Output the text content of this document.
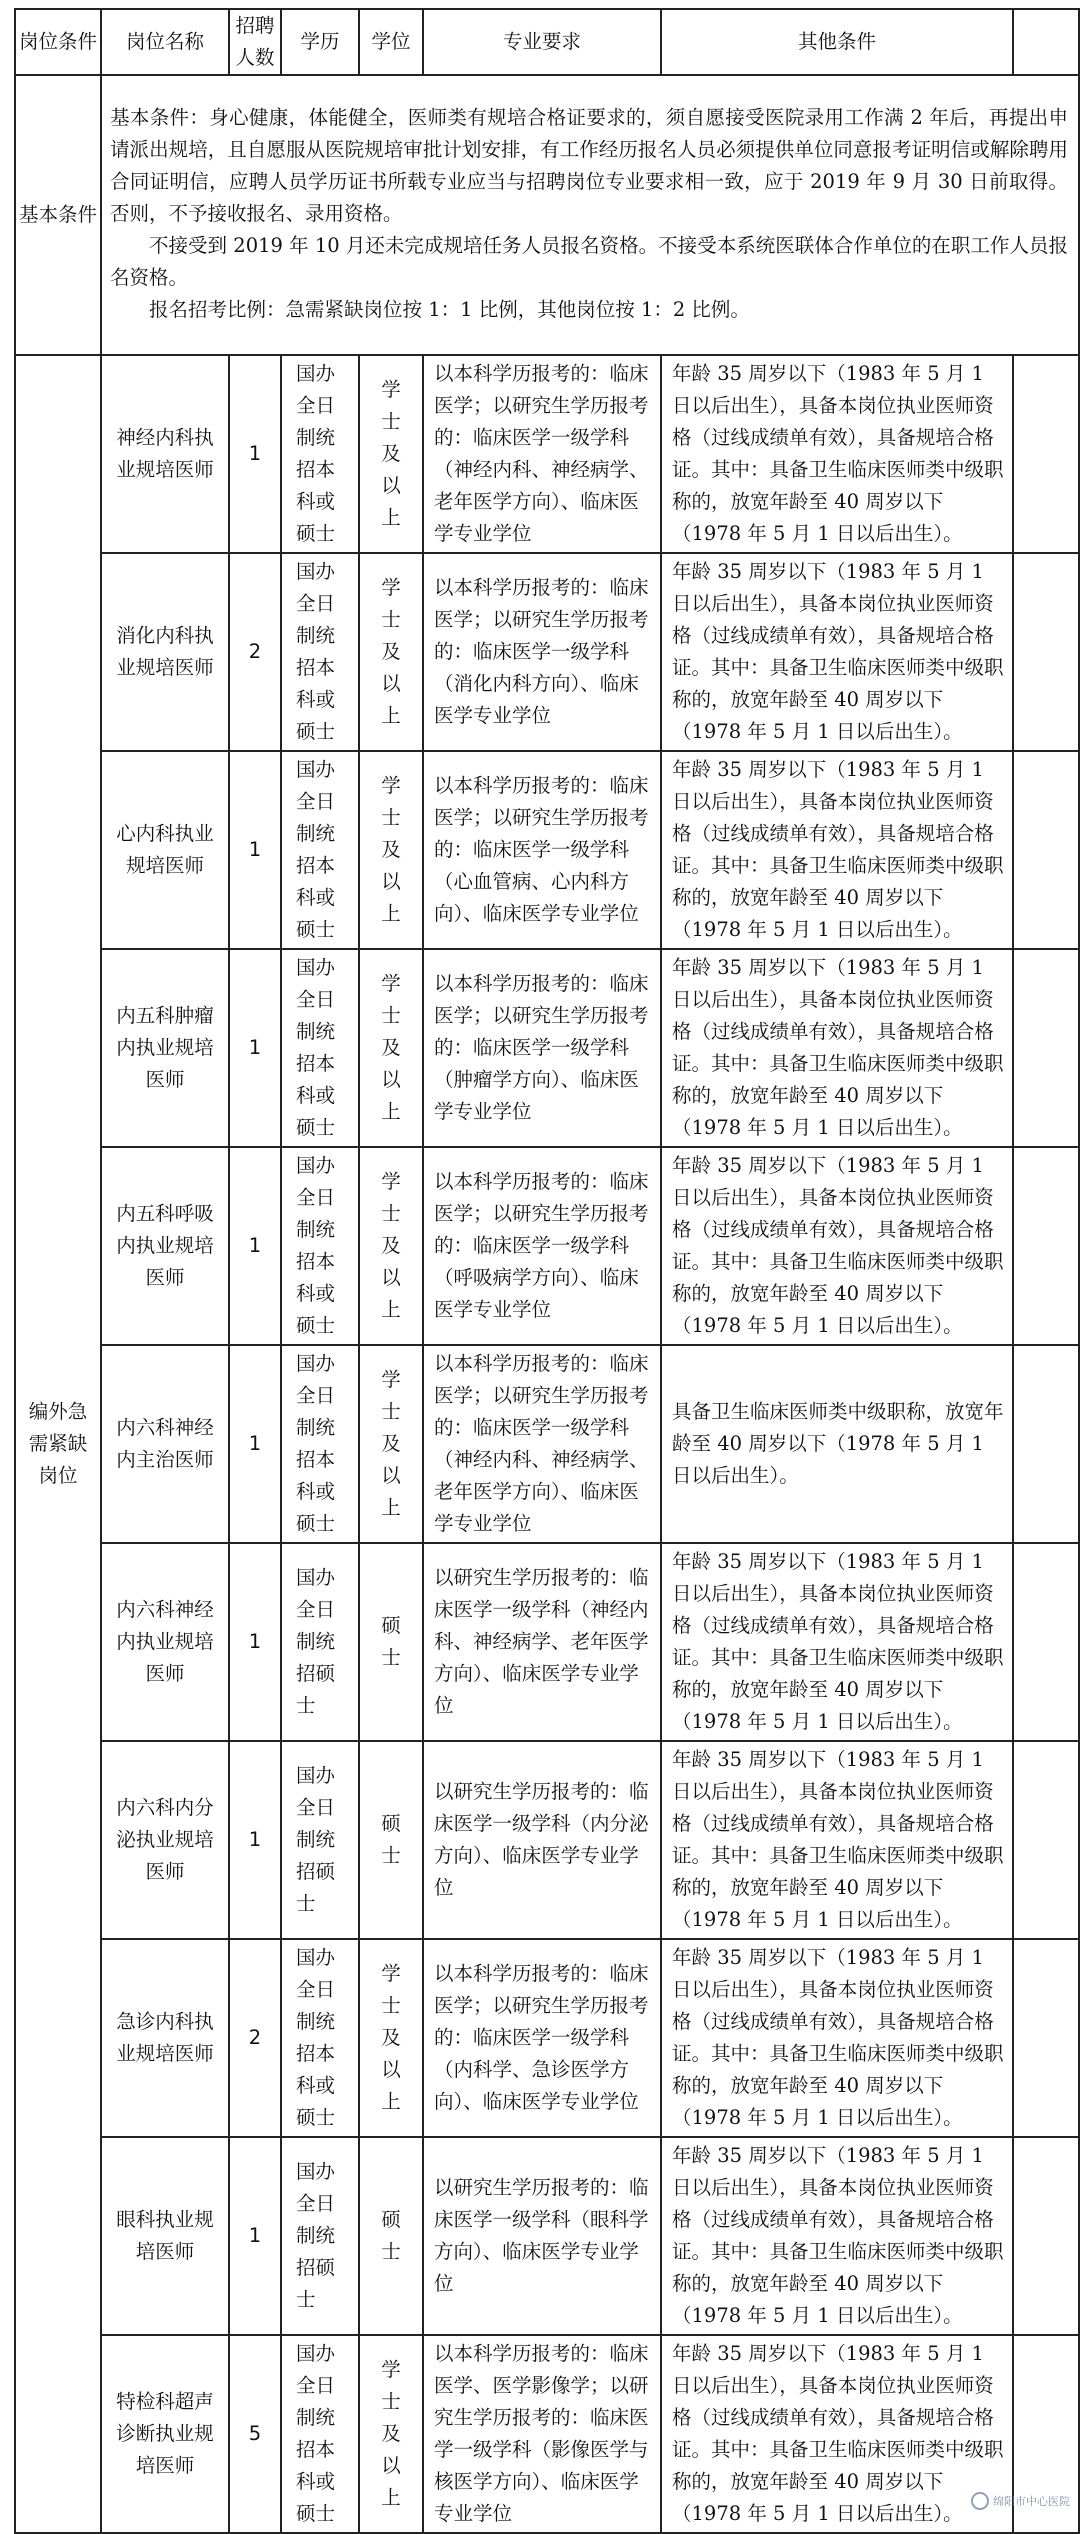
基本条件	基本条件：身心健康，体能健全，医师类有规培合格证要求的，须自愿接受医院录用工作满 2 年后，再提出申请派出规培，且自愿服从医院规培审批计划安排，有工作经历报名人员必须提供单位同意报考证明信或解除聘用合同证明信，应聘人员学历证书所载专业应当与招聘岗位专业要求相一致，应于 2019 年 9 月 30 日前取得。否则，不予接收报名、录用资格。

不接受到 2019 年 10 月还未完成规培任务人员报名资格。不接受本系统医联体合作单位的在职工作人员报名资格。

报名招考比例：急需紧缺岗位按 1：1 比例，其他岗位按 1：2 比例。						

岗位条件	岗位名称	招聘人数	学历	学位	专业要求	其他条件	
编外急需紧缺岗位	神经内科执业规培医师	1	国办全日制统招本科或硕士	学士及以上	以本科学历报考的：临床医学；以研究生学历报考的：临床医学一级学科（神经内科、神经病学、老年医学方向）、临床医学专业学位	年龄 35 周岁以下（1983 年 5 月 1 日以后出生），具备本岗位执业医师资格（过线成绩单有效），具备规培合格证。其中：具备卫生临床医师类中级职称的，放宽年龄至 40 周岁以下（1978 年 5 月 1 日以后出生）。	
	消化内科执业规培医师	2	国办全日制统招本科或硕士	学士及以上	以本科学历报考的：临床医学；以研究生学历报考的：临床医学一级学科（消化内科方向）、临床医学专业学位	年龄 35 周岁以下（1983 年 5 月 1 日以后出生），具备本岗位执业医师资格（过线成绩单有效），具备规培合格证。其中：具备卫生临床医师类中级职称的，放宽年龄至 40 周岁以下（1978 年 5 月 1 日以后出生）。	
	心内科执业规培医师	1	国办全日制统招本科或硕士	学士及以上	以本科学历报考的：临床医学；以研究生学历报考的：临床医学一级学科（心血管病、心内科方向）、临床医学专业学位	年龄 35 周岁以下（1983 年 5 月 1 日以后出生），具备本岗位执业医师资格（过线成绩单有效），具备规培合格证。其中：具备卫生临床医师类中级职称的，放宽年龄至 40 周岁以下（1978 年 5 月 1 日以后出生）。	
	内五科肿瘤内执业规培医师	1	国办全日制统招本科或硕士	学士及以上	以本科学历报考的：临床医学；以研究生学历报考的：临床医学一级学科（肿瘤学方向）、临床医学专业学位	年龄 35 周岁以下（1983 年 5 月 1 日以后出生），具备本岗位执业医师资格（过线成绩单有效），具备规培合格证。其中：具备卫生临床医师类中级职称的，放宽年龄至 40 周岁以下（1978 年 5 月 1 日以后出生）。	
	内五科呼吸内执业规培医师	1	国办全日制统招本科或硕士	学士及以上	以本科学历报考的：临床医学；以研究生学历报考的：临床医学一级学科（呼吸病学方向）、临床医学专业学位	年龄 35 周岁以下（1983 年 5 月 1 日以后出生），具备本岗位执业医师资格（过线成绩单有效），具备规培合格证。其中：具备卫生临床医师类中级职称的，放宽年龄至 40 周岁以下（1978 年 5 月 1 日以后出生）。	
	内六科神经内主治医师	1	国办全日制统招本科或硕士	学士及以上	以本科学历报考的：临床医学；以研究生学历报考的：临床医学一级学科（神经内科、神经病学、老年医学方向）、临床医学专业学位	具备卫生临床医师类中级职称，放宽年龄至 40 周岁以下（1978 年 5 月 1 日以后出生）。	
	内六科神经内执业规培医师	1	国办全日制统招硕士	硕士	以研究生学历报考的：临床医学一级学科（神经内科、神经病学、老年医学方向）、临床医学专业学位	年龄 35 周岁以下（1983 年 5 月 1 日以后出生），具备本岗位执业医师资格（过线成绩单有效），具备规培合格证。其中：具备卫生临床医师类中级职称的，放宽年龄至 40 周岁以下（1978 年 5 月 1 日以后出生）。	
	内六科内分泌执业规培医师	1	国办全日制统招硕士	硕士	以研究生学历报考的：临床医学一级学科（内分泌方向）、临床医学专业学位	年龄 35 周岁以下（1983 年 5 月 1 日以后出生），具备本岗位执业医师资格（过线成绩单有效），具备规培合格证。其中：具备卫生临床医师类中级职称的，放宽年龄至 40 周岁以下（1978 年 5 月 1 日以后出生）。	
	急诊内科执业规培医师	2	国办全日制统招本科或硕士	学士及以上	以本科学历报考的：临床医学；以研究生学历报考的：临床医学一级学科（内科学、急诊医学方向）、临床医学专业学位	年龄 35 周岁以下（1983 年 5 月 1 日以后出生），具备本岗位执业医师资格（过线成绩单有效），具备规培合格证。其中：具备卫生临床医师类中级职称的，放宽年龄至 40 周岁以下（1978 年 5 月 1 日以后出生）。	
	眼科执业规培医师	1	国办全日制统招硕士	硕士	以研究生学历报考的：临床医学一级学科（眼科学方向）、临床医学专业学位	年龄 35 周岁以下（1983 年 5 月 1 日以后出生），具备本岗位执业医师资格（过线成绩单有效），具备规培合格证。其中：具备卫生临床医师类中级职称的，放宽年龄至 40 周岁以下（1978 年 5 月 1 日以后出生）。	
	特检科超声诊断执业规培医师	5	国办全日制统招本科或硕士	学士及以上	以本科学历报考的：临床医学、医学影像学；以研究生学历报考的：临床医学一级学科（影像医学与核医学方向）、临床医学专业学位	年龄 35 周岁以下（1983 年 5 月 1 日以后出生），具备本岗位执业医师资格（过线成绩单有效），具备规培合格证。其中：具备卫生临床医师类中级职称的，放宽年龄至 40 周岁以下（1978 年 5 月 1 日以后出生）。	
绵阳市中心医院
